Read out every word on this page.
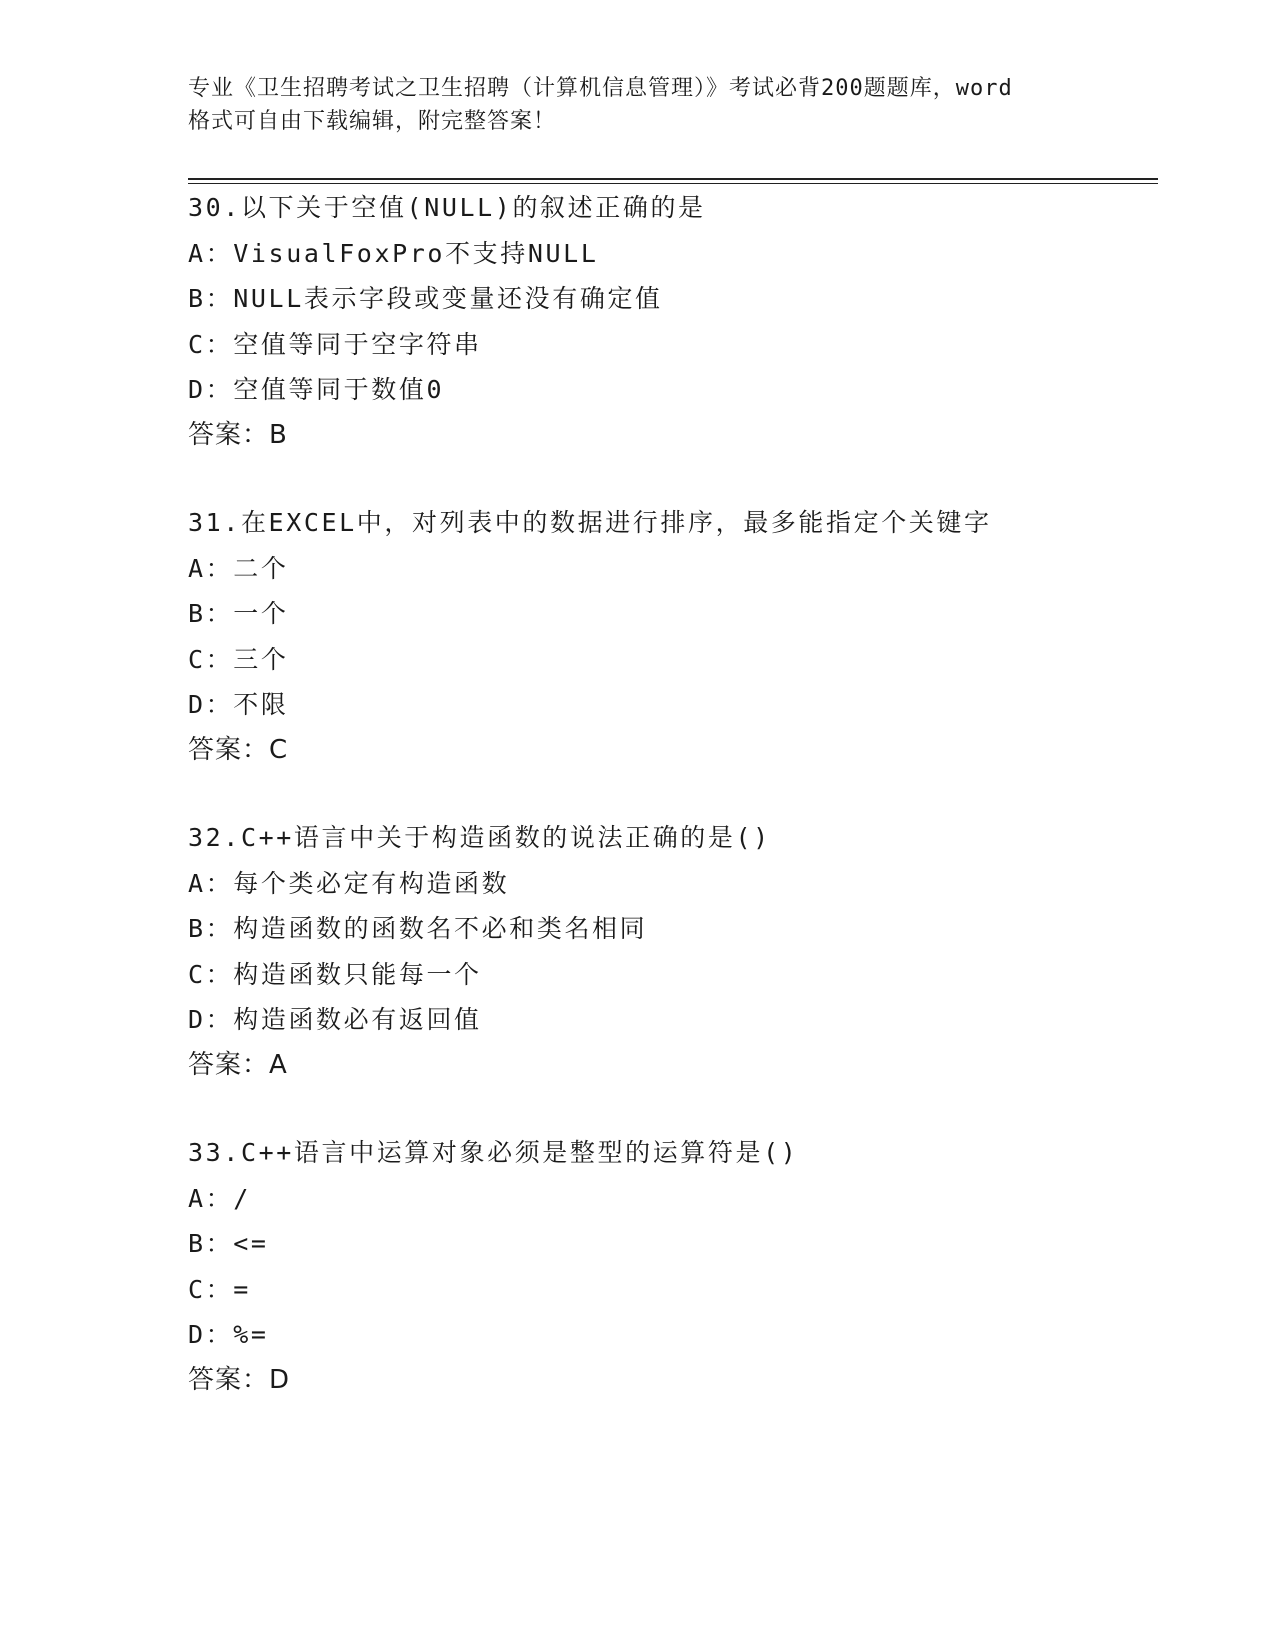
专业《卫生招聘考试之卫生招聘（计算机信息管理）》考试必背200题题库，word
格式可自由下载编辑，附完整答案！
30.以下关于空值(NULL)的叙述正确的是
A：VisualFoxPro不支持NULL
B：NULL表示字段或变量还没有确定值
C：空值等同于空字符串
D：空值等同于数值0
答案：B
31.在EXCEL中，对列表中的数据进行排序，最多能指定个关键字
A：二个
B：一个
C：三个
D：不限
答案：C
32.C++语言中关于构造函数的说法正确的是()
A：每个类必定有构造函数
B：构造函数的函数名不必和类名相同
C：构造函数只能每一个
D：构造函数必有返回值
答案：A
33.C++语言中运算对象必须是整型的运算符是()
A：/
B：<=
C：=
D：%=
答案：D
